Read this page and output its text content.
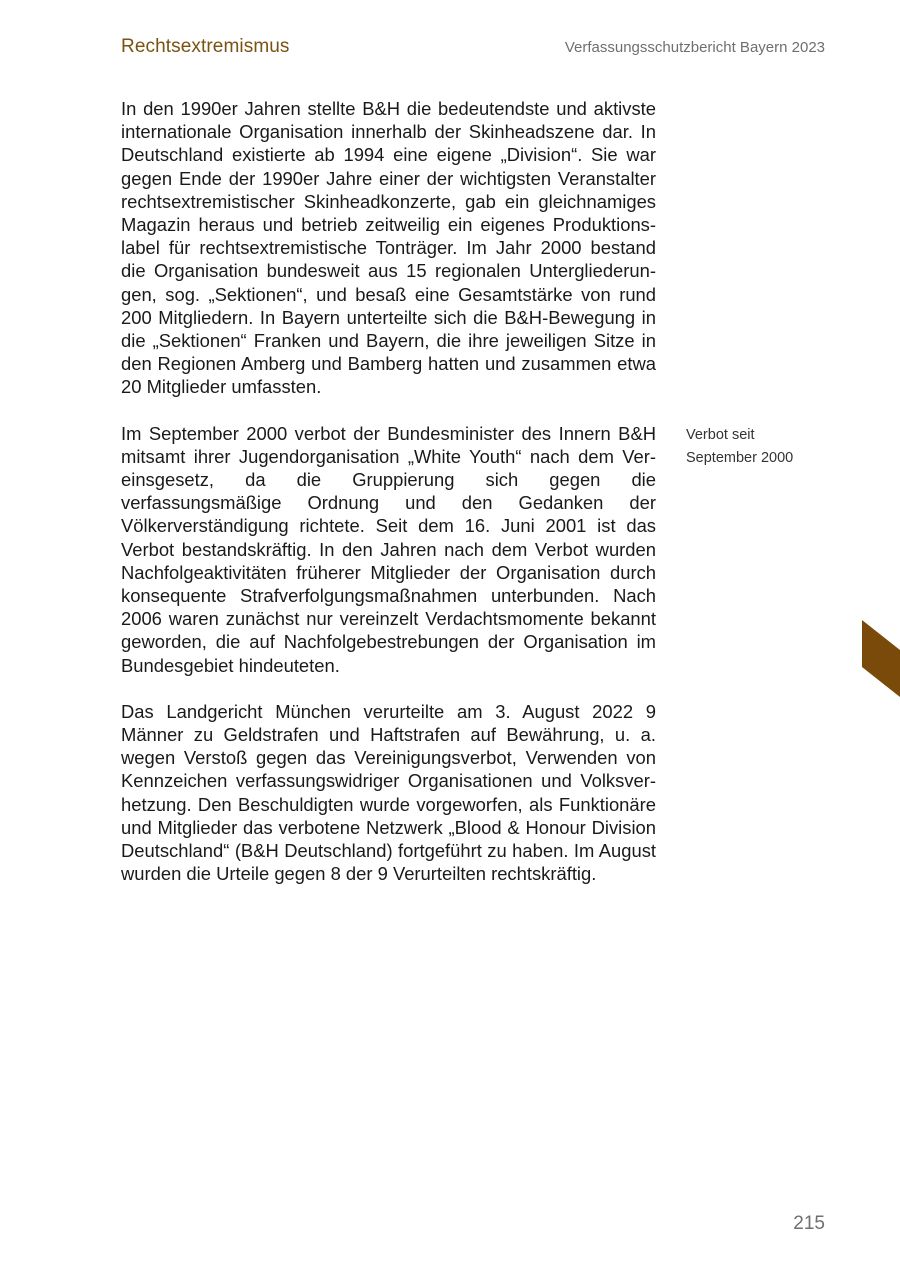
Rechtsextremismus	Verfassungsschutzbericht Bayern 2023

In den 1990er Jahren stellte B&H die bedeutendste und aktivste internationale Organisation innerhalb der Skinheadszene dar. In Deutschland existierte ab 1994 eine eigene „Division“. Sie war gegen Ende der 1990er Jahre einer der wichtigsten Veranstalter rechtsextremistischer Skinheadkonzerte, gab ein gleichnamiges Magazin heraus und betrieb zeitweilig ein eigenes Produktionslabel für rechtsextremistische Tonträger. Im Jahr 2000 bestand die Organisation bundesweit aus 15 regionalen Untergliederungen, sog. „Sektionen“, und besaß eine Gesamtstärke von rund 200 Mitgliedern. In Bayern unterteilte sich die B&H-Bewegung in die „Sektionen“ Franken und Bayern, die ihre jeweiligen Sitze in den Regionen Amberg und Bamberg hatten und zusammen etwa 20 Mitglieder umfassten.

Im September 2000 verbot der Bundesminister des Innern B&H mitsamt ihrer Jugendorganisation „White Youth“ nach dem Vereinsgesetz, da die Gruppierung sich gegen die verfassungsmäßige Ordnung und den Gedanken der Völkerverständigung richtete. Seit dem 16. Juni 2001 ist das Verbot bestandskräftig. In den Jahren nach dem Verbot wurden Nachfolgeaktivitäten früherer Mitglieder der Organisation durch konsequente Strafverfolgungsmaßnahmen unterbunden. Nach 2006 waren zunächst nur vereinzelt Verdachtsmomente bekannt geworden, die auf Nachfolgebestrebungen der Organisation im Bundesgebiet hindeuteten.

Das Landgericht München verurteilte am 3. August 2022 9 Männer zu Geldstrafen und Haftstrafen auf Bewährung, u. a. wegen Verstoß gegen das Vereinigungsverbot, Verwenden von Kennzeichen verfassungswidriger Organisationen und Volksverhetzung. Den Beschuldigten wurde vorgeworfen, als Funktionäre und Mitglieder das verbotene Netzwerk „Blood & Honour Division Deutschland“ (B&H Deutschland) fortgeführt zu haben. Im August wurden die Urteile gegen 8 der 9 Verurteilten rechtskräftig.

Verbot seit
September 2000
215
